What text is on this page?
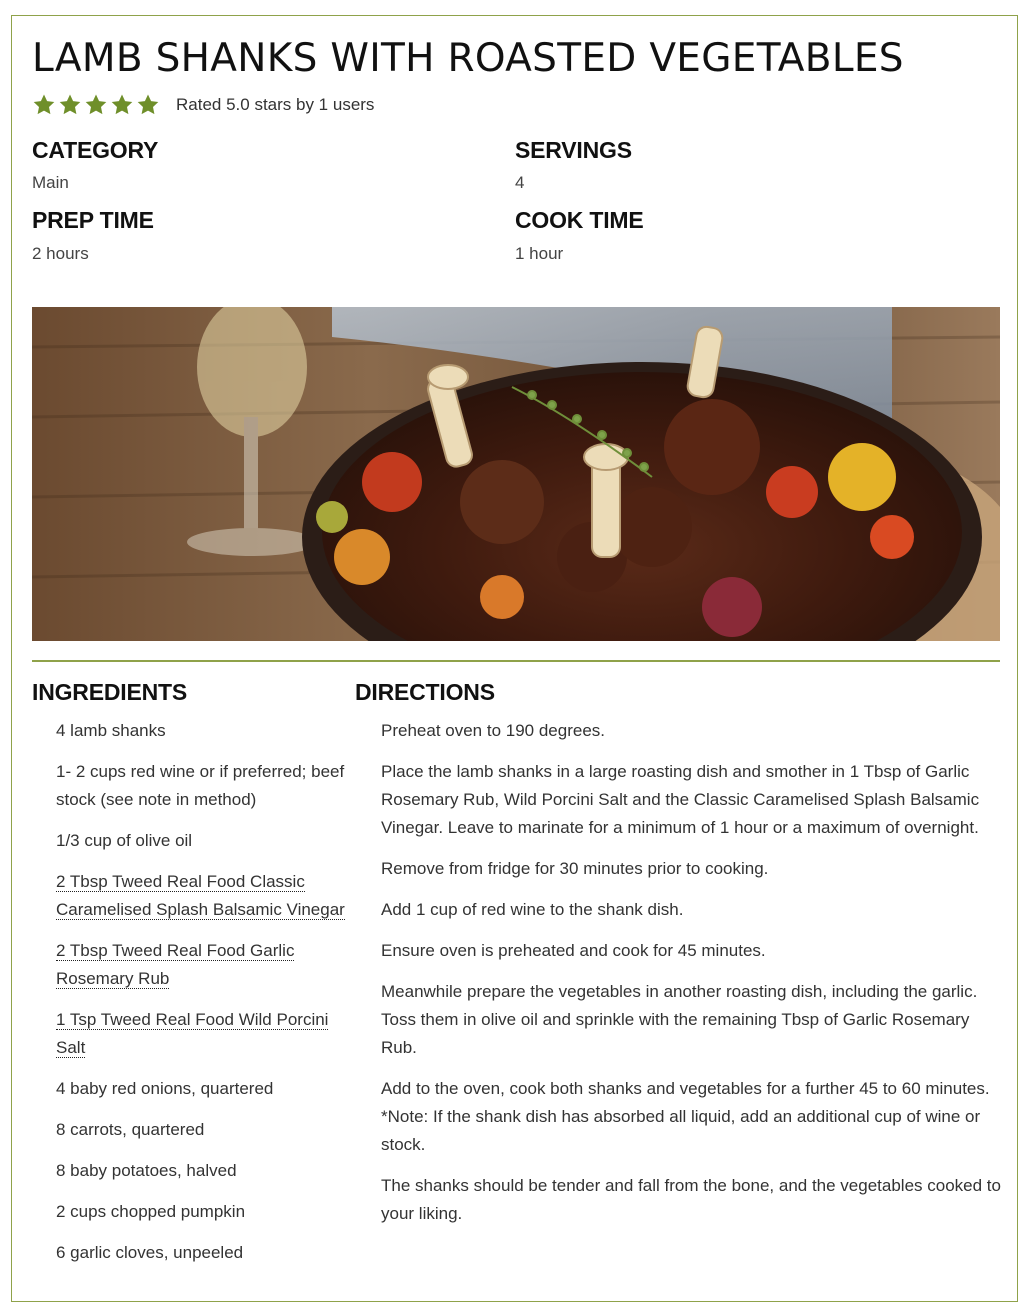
LAMB SHANKS WITH ROASTED VEGETABLES
Rated 5.0 stars by 1 users
CATEGORY
Main
SERVINGS
4
PREP TIME
2 hours
COOK TIME
1 hour
INGREDIENTS	DIRECTIONS
4 lamb shanks
1- 2 cups red wine or if preferred; beef stock (see note in method)
1/3 cup of olive oil
2 Tbsp Tweed Real Food Classic Caramelised Splash Balsamic Vinegar
2 Tbsp Tweed Real Food Garlic Rosemary Rub
1 Tsp Tweed Real Food Wild Porcini Salt
4 baby red onions, quartered
8 carrots, quartered
8 baby potatoes, halved
2 cups chopped pumpkin
6 garlic cloves, unpeeled
Preheat oven to 190 degrees.
Place the lamb shanks in a large roasting dish and smother in 1 Tbsp of Garlic Rosemary Rub, Wild Porcini Salt and the Classic Caramelised Splash Balsamic Vinegar. Leave to marinate for a minimum of 1 hour or a maximum of overnight.
Remove from fridge for 30 minutes prior to cooking.
Add 1 cup of red wine to the shank dish.
Ensure oven is preheated and cook for 45 minutes.
Meanwhile prepare the vegetables in another roasting dish, including the garlic. Toss them in olive oil and sprinkle with the remaining Tbsp of Garlic Rosemary Rub.
Add to the oven, cook both shanks and vegetables for a further 45 to 60 minutes. *Note: If the shank dish has absorbed all liquid, add an additional cup of wine or stock.
The shanks should be tender and fall from the bone, and the vegetables cooked to your liking.
